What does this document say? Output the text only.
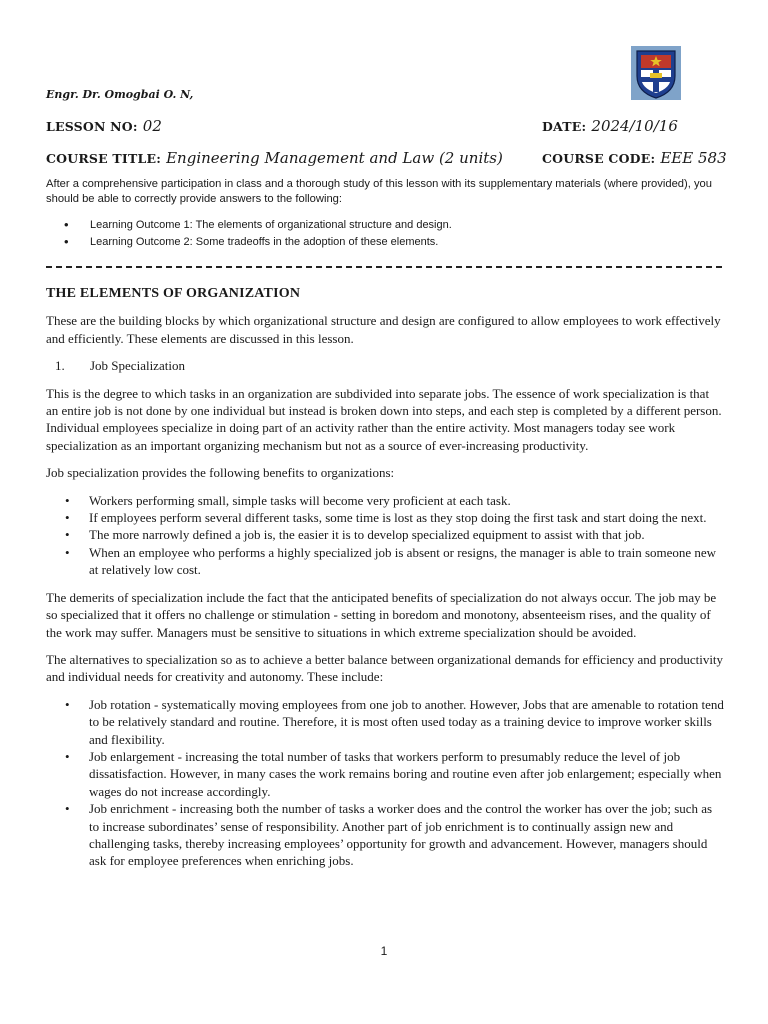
Engr. Dr. Omogbai O. N,
LESSON NO: 02	DATE: 2024/10/16
COURSE TITLE: Engineering Management and Law (2 units)	COURSE CODE: EEE 583
After a comprehensive participation in class and a thorough study of this lesson with its supplementary materials (where provided), you should be able to correctly provide answers to the following:
• Learning Outcome 1: The elements of organizational structure and design.
• Learning Outcome 2: Some tradeoffs in the adoption of these elements.
THE ELEMENTS OF ORGANIZATION

These are the building blocks by which organizational structure and design are configured to allow employees to work effectively and efficiently. These elements are discussed in this lesson.

1. Job Specialization

This is the degree to which tasks in an organization are subdivided into separate jobs. The essence of work specialization is that an entire job is not done by one individual but instead is broken down into steps, and each step is completed by a different person. Individual employees specialize in doing part of an activity rather than the entire activity. Most managers today see work specialization as an important organizing mechanism but not as a source of ever-increasing productivity.

Job specialization provides the following benefits to organizations:

• Workers performing small, simple tasks will become very proficient at each task.
• If employees perform several different tasks, some time is lost as they stop doing the first task and start doing the next.
• The more narrowly defined a job is, the easier it is to develop specialized equipment to assist with that job.
• When an employee who performs a highly specialized job is absent or resigns, the manager is able to train someone new at relatively low cost.

The demerits of specialization include the fact that the anticipated benefits of specialization do not always occur. The job may be so specialized that it offers no challenge or stimulation - setting in boredom and monotony, absenteeism rises, and the quality of the work may suffer. Managers must be sensitive to situations in which extreme specialization should be avoided.

The alternatives to specialization so as to achieve a better balance between organizational demands for efficiency and productivity and individual needs for creativity and autonomy. These include:

• Job rotation - systematically moving employees from one job to another. However, Jobs that are amenable to rotation tend to be relatively standard and routine. Therefore, it is most often used today as a training device to improve worker skills and flexibility.
• Job enlargement - increasing the total number of tasks that workers perform to presumably reduce the level of job dissatisfaction. However, in many cases the work remains boring and routine even after job enlargement; especially when wages do not increase accordingly.
• Job enrichment - increasing both the number of tasks a worker does and the control the worker has over the job; such as to increase subordinates’ sense of responsibility. Another part of job enrichment is to continually assign new and challenging tasks, thereby increasing employees’ opportunity for growth and advancement. However, managers should ask for employee preferences when enriching jobs.
1
